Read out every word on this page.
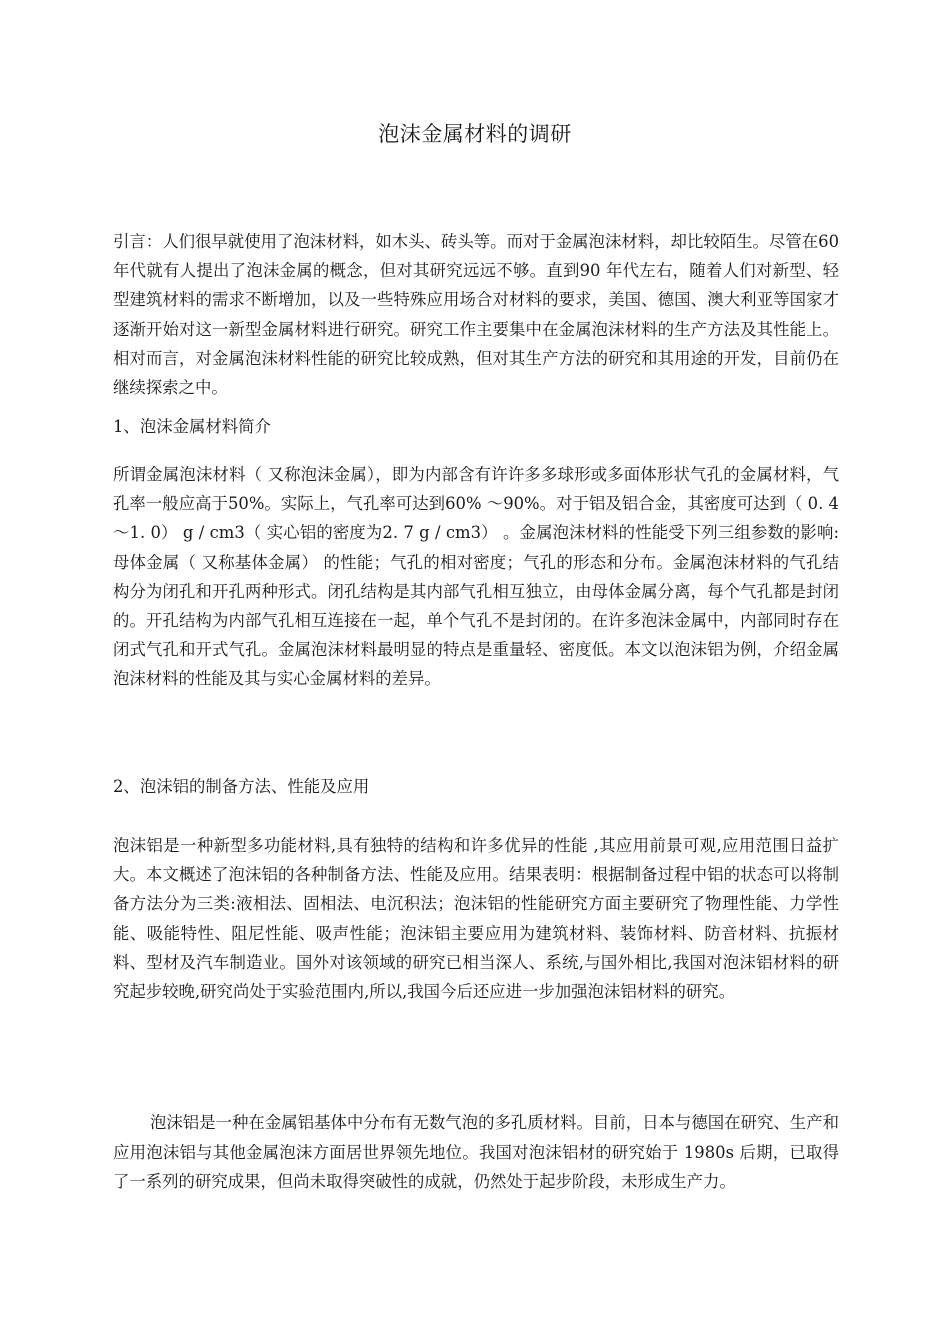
泡沫金属材料的调研

引言：人们很早就使用了泡沫材料，如木头、砖头等。而对于金属泡沫材料，却比较陌生。尽管在60 年代就有人提出了泡沫金属的概念，但对其研究远远不够。直到90 年代左右，随着人们对新型、轻型建筑材料的需求不断增加，以及一些特殊应用场合对材料的要求，美国、德国、澳大利亚等国家才逐渐开始对这一新型金属材料进行研究。研究工作主要集中在金属泡沫材料的生产方法及其性能上。相对而言，对金属泡沫材料性能的研究比较成熟，但对其生产方法的研究和其用途的开发，目前仍在继续探索之中。

1、泡沫金属材料简介

所谓金属泡沫材料（ 又称泡沫金属），即为内部含有许许多多球形或多面体形状气孔的金属材料，气孔率一般应高于50%。实际上，气孔率可达到60% ～90%。对于铝及铝合金，其密度可达到（ 0. 4～1. 0） g / cm3（ 实心铝的密度为2. 7 g / cm3） 。金属泡沫材料的性能受下列三组参数的影响:母体金属（ 又称基体金属） 的性能；气孔的相对密度；气孔的形态和分布。金属泡沫材料的气孔结构分为闭孔和开孔两种形式。闭孔结构是其内部气孔相互独立，由母体金属分离，每个气孔都是封闭的。开孔结构为内部气孔相互连接在一起，单个气孔不是封闭的。在许多泡沫金属中，内部同时存在闭式气孔和开式气孔。金属泡沫材料最明显的特点是重量轻、密度低。本文以泡沫铝为例，介绍金属泡沫材料的性能及其与实心金属材料的差异。

2、泡沫铝的制备方法、性能及应用

泡沫铝是一种新型多功能材料,具有独特的结构和许多优异的性能 ,其应用前景可观,应用范围日益扩大。本文概述了泡沫铝的各种制备方法、性能及应用。结果表明：根据制备过程中铝的状态可以将制备方法分为三类:液相法、固相法、电沉积法；泡沫铝的性能研究方面主要研究了物理性能、力学性能、吸能特性、阻尼性能、吸声性能；泡沫铝主要应用为建筑材料、装饰材料、防音材料、抗振材料、型材及汽车制造业。国外对该领域的研究已相当深人、系统,与国外相比,我国对泡沫铝材料的研究起步较晚,研究尚处于实验范围内,所以,我国今后还应进一步加强泡沫铝材料的研究。

泡沫铝是一种在金属铝基体中分布有无数气泡的多孔质材料。目前，日本与德国在研究、生产和应用泡沫铝与其他金属泡沫方面居世界领先地位。我国对泡沫铝材的研究始于 1980s 后期，已取得了一系列的研究成果，但尚未取得突破性的成就，仍然处于起步阶段，未形成生产力。
